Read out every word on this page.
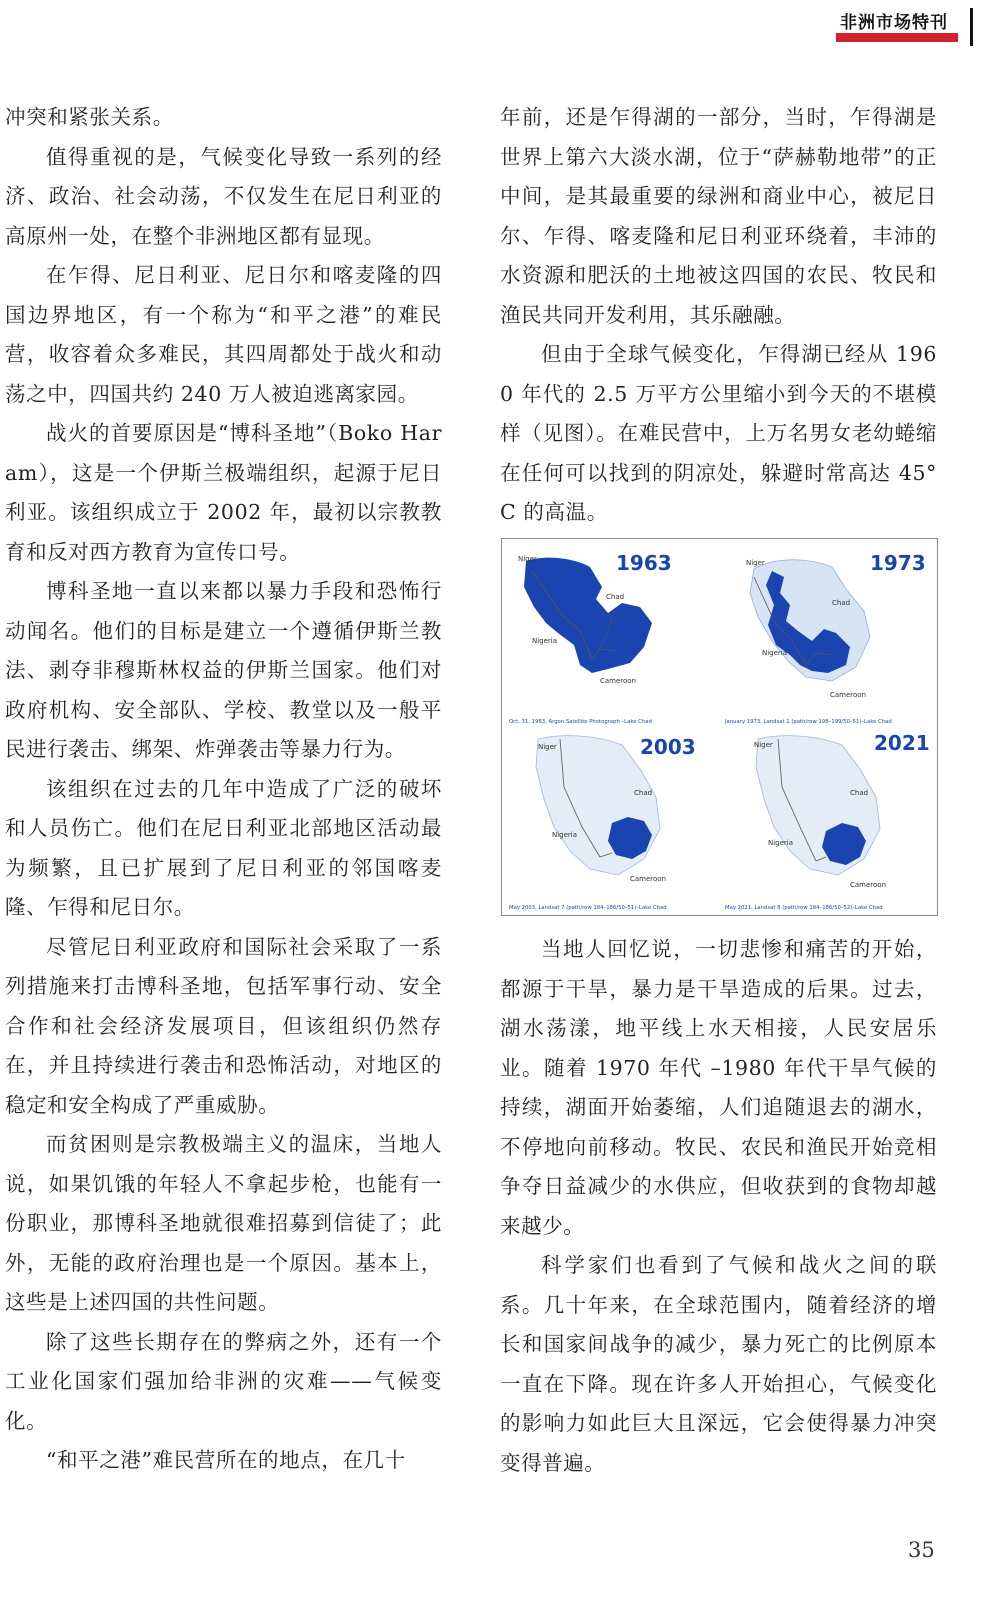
非洲市场特刊

冲突和紧张关系。

值得重视的是，气候变化导致一系列的经济、政治、社会动荡，不仅发生在尼日利亚的高原州一处，在整个非洲地区都有显现。

在乍得、尼日利亚、尼日尔和喀麦隆的四国边界地区，有一个称为“和平之港”的难民营，收容着众多难民，其四周都处于战火和动荡之中，四国共约 240 万人被迫逃离家园。

战火的首要原因是“博科圣地”（Boko Haram），这是一个伊斯兰极端组织，起源于尼日利亚。该组织成立于 2002 年，最初以宗教教育和反对西方教育为宣传口号。

博科圣地一直以来都以暴力手段和恐怖行动闻名。他们的目标是建立一个遵循伊斯兰教法、剥夺非穆斯林权益的伊斯兰国家。他们对政府机构、安全部队、学校、教堂以及一般平民进行袭击、绑架、炸弹袭击等暴力行为。

该组织在过去的几年中造成了广泛的破坏和人员伤亡。他们在尼日利亚北部地区活动最为频繁，且已扩展到了尼日利亚的邻国喀麦隆、乍得和尼日尔。

尽管尼日利亚政府和国际社会采取了一系列措施来打击博科圣地，包括军事行动、安全合作和社会经济发展项目，但该组织仍然存在，并且持续进行袭击和恐怖活动，对地区的稳定和安全构成了严重威胁。

而贫困则是宗教极端主义的温床，当地人说，如果饥饿的年轻人不拿起步枪，也能有一份职业，那博科圣地就很难招募到信徒了；此外，无能的政府治理也是一个原因。基本上，这些是上述四国的共性问题。

除了这些长期存在的弊病之外，还有一个工业化国家们强加给非洲的灾难——气候变化。

“和平之港”难民营所在的地点，在几十

年前，还是乍得湖的一部分，当时，乍得湖是世界上第六大淡水湖，位于“萨赫勒地带”的正中间，是其最重要的绿洲和商业中心，被尼日尔、乍得、喀麦隆和尼日利亚环绕着，丰沛的水资源和肥沃的土地被这四国的农民、牧民和渔民共同开发利用，其乐融融。

但由于全球气候变化，乍得湖已经从 1960 年代的 2.5 万平方公里缩小到今天的不堪模样（见图）。在难民营中，上万名男女老幼蜷缩在任何可以找到的阴凉处，躲避时常高达 45° C 的高温。

1963
Niger
Chad
Nigeria
Cameroon
Oct. 31, 1963, Argon Satellite Photograph –Lake Chad
1973
Niger
Chad
Nigeria
Cameroon
January 1973, Landsat 1 (path/row 198–199/50–51)–Lake Chad
2003
Niger
Chad
Nigeria
Cameroon
May 2003, Landsat 7 (path/row 184–186/50–51)–Lake Chad
2021
Niger
Chad
Nigeria
Cameroon
May 2021, Landsat 8 (path/row 184–186/50–52)–Lake Chad

当地人回忆说，一切悲惨和痛苦的开始，都源于干旱，暴力是干旱造成的后果。过去，湖水荡漾，地平线上水天相接，人民安居乐业。随着 1970 年代 –1980 年代干旱气候的持续，湖面开始萎缩，人们追随退去的湖水，不停地向前移动。牧民、农民和渔民开始竞相争夺日益减少的水供应，但收获到的食物却越来越少。

科学家们也看到了气候和战火之间的联系。几十年来，在全球范围内，随着经济的增长和国家间战争的减少，暴力死亡的比例原本一直在下降。现在许多人开始担心，气候变化的影响力如此巨大且深远，它会使得暴力冲突变得普遍。

35
